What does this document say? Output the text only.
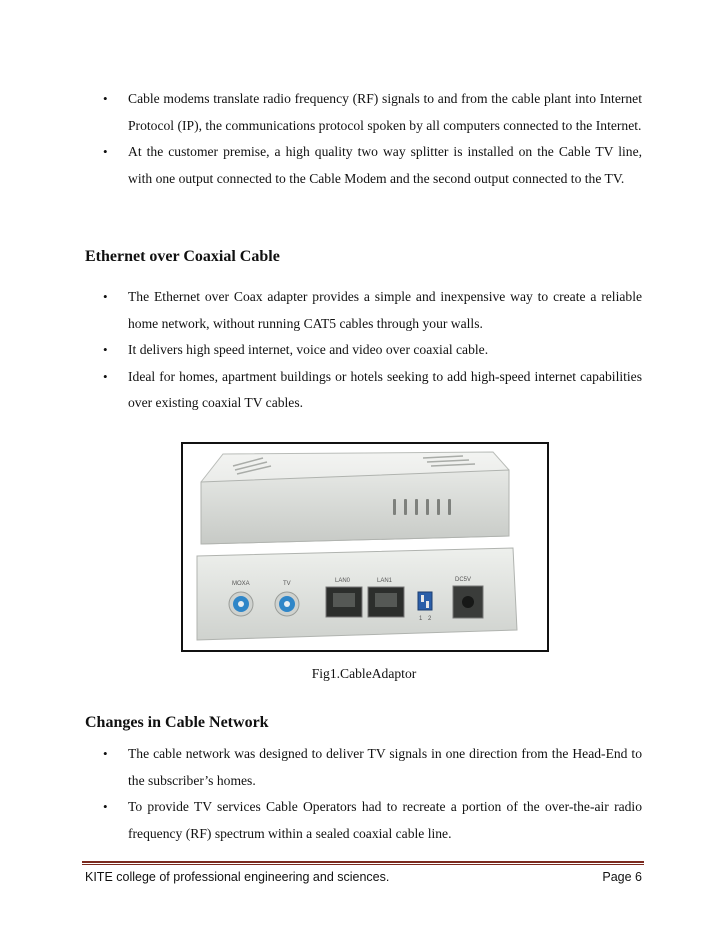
• Cable modems translate radio frequency (RF) signals to and from the cable plant into Internet Protocol (IP), the communications protocol spoken by all computers connected to the Internet.
• At the customer premise, a high quality two way splitter is installed on the Cable TV line, with one output connected to the Cable Modem and the second output connected to the TV.
Ethernet over Coaxial Cable
• The Ethernet over Coax adapter provides a simple and inexpensive way to create a reliable home network, without running CAT5 cables through your walls.
• It delivers high speed internet, voice and video over coaxial cable.
• Ideal for homes, apartment buildings or hotels seeking to add high-speed internet capabilities over existing coaxial TV cables.
MOXA	TV	LAN0	LAN1	DC5V
1 2
Fig1.CableAdaptor
Changes in Cable Network
• The cable network was designed to deliver TV signals in one direction from the Head-End to the subscriber’s homes.
• To provide TV services Cable Operators had to recreate a portion of the over-the-air radio frequency (RF) spectrum within a sealed coaxial cable line.
KITE college of professional engineering and sciences.	Page 6
